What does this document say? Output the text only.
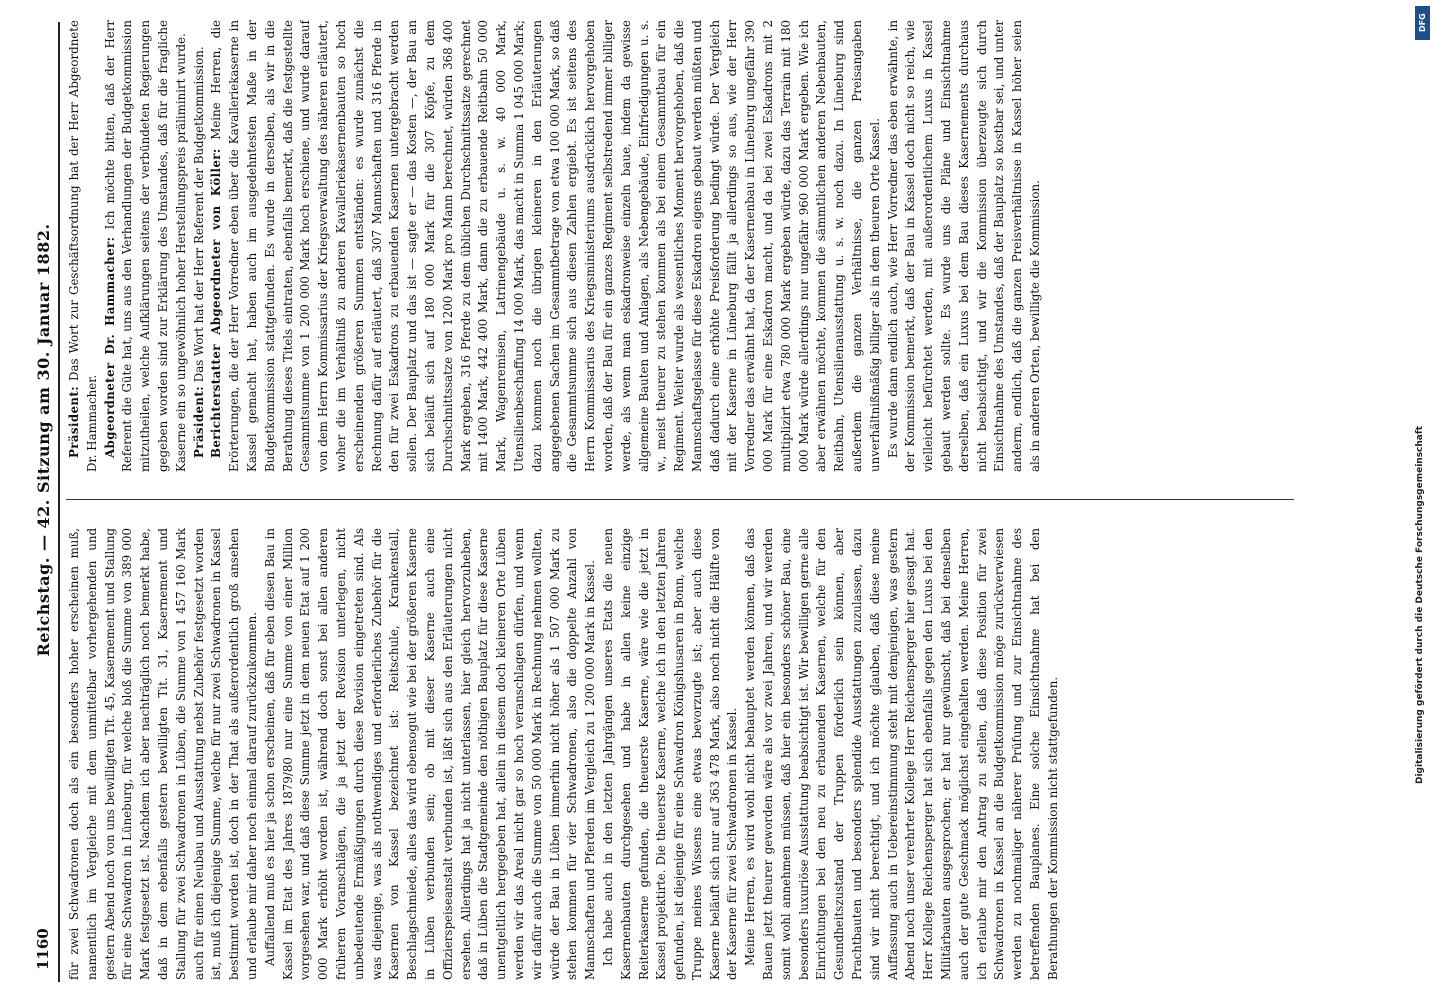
1160
Reichstag. — 42. Sitzung am 30. Januar 1882.

für zwei Schwadronen doch als ein besonders hoher erscheinen muß, namentlich im Vergleiche mit dem unmittelbar vorhergehenden und gestern Abend noch von uns bewilligten Tit. 45, Kasernement und Stallung für eine Schwadron in Lüneburg, für welche bloß die Summe von 389 000 Mark festgesetzt ist. Nachdem ich aber nachträglich noch bemerkt habe, daß in dem ebenfalls gestern bewilligten Tit. 31, Kasernement und Stallung für zwei Schwadronen in Lüben, die Summe von 1 457 160 Mark auch für einen Neubau und Ausstattung nebst Zubehör festgesetzt worden ist, muß ich diejenige Summe, welche für nur zwei Schwadronen in Kassel bestimmt worden ist, doch in der That als außerordentlich groß ansehen und erlaube mir daher noch einmal darauf zurückzukommen. Auffallend muß es hier ja schon erscheinen, daß für eben diesen Bau in Kassel im Etat des Jahres 1879/80 nur eine Summe von einer Million vorgesehen war, und daß diese Summe jetzt in dem neuen Etat auf 1 200 000 Mark erhöht worden ist, während doch sonst bei allen anderen früheren Voranschlägen, die ja jetzt der Revision unterlegen, nicht unbedeutende Ermäßigungen durch diese Revision eingetreten sind. Als was diejenige, was als nothwendiges und erforderliches Zubehör für die Kasernen von Kassel bezeichnet ist: Reitschule, Krankenstall, Beschlagschmiede, alles das wird ebensogut wie bei der größeren Kaserne in Lüben verbunden sein; ob mit dieser Kaserne auch eine Offizierspeiseanstalt verbunden ist, läßt sich aus den Erläuterungen nicht ersehen. Allerdings hat ja nicht unterlassen, hier gleich hervorzuheben, daß in Lüben die Stadtgemeinde den nöthigen Bauplatz für diese Kaserne unentgeltlich hergegeben hat, allein in diesem doch kleineren Orte Lüben werden wir das Areal nicht gar so hoch veranschlagen dürfen, und wenn wir dafür auch die Summe von 50 000 Mark in Rechnung nehmen wollten, würde der Bau in Lüben immerhin nicht höher als 1 507 000 Mark zu stehen kommen für vier Schwadronen, also die doppelte Anzahl von Mannschaften und Pferden im Vergleich zu 1 200 000 Mark in Kassel. Ich habe auch in den letzten Jahrgängen unseres Etats die neuen Kasernenbauten durchgesehen und habe in allen keine einzige Reiterkaserne gefunden, die theuerste Kaserne, wäre wie die jetzt in Kassel projektirte. Die theuerste Kaserne, welche ich in den letzten Jahren gefunden, ist diejenige für eine Schwadron Königshusaren in Bonn, welche Truppe meines Wissens eine etwas bevorzugte ist; aber auch diese Kaserne beläuft sich nur auf 363 478 Mark, also noch nicht die Hälfte von der Kaserne für zwei Schwadronen in Kassel. Meine Herren, es wird wohl nicht behauptet werden können, daß das Bauen jetzt theurer geworden wäre als vor zwei Jahren, und wir werden somit wohl annehmen müssen, daß hier ein besonders schöner Bau, eine besonders luxuriöse Ausstattung beabsichtigt ist. Wir bewilligen gerne alle Einrichtungen bei den neu zu erbauenden Kasernen, welche für den Gesundheitszustand der Truppen förderlich sein können, aber Prachtbauten und besonders splendide Ausstattungen zuzulassen, dazu sind wir nicht berechtigt, und ich möchte glauben, daß diese meine Auffassung auch in Uebereinstimmung steht mit demjenigen, was gestern Abend noch unser verehrter Kollege Herr Reichensperger hier gesagt hat. Herr Kollege Reichensperger hat sich ebenfalls gegen den Luxus bei den Militärbauten ausgesprochen; er hat nur gewünscht, daß bei denselben auch der gute Geschmack möglichst eingehalten werden. Meine Herren, ich erlaube mir den Antrag zu stellen, daß diese Position für zwei Schwadronen in Kassel an die Budgetkommission möge zurückverwiesen werden zu nochmaliger näherer Prüfung und zur Einsichtnahme des betreffenden Bauplanes. Eine solche Einsichtnahme hat bei den Berathungen der Kommission nicht stattgefunden.

Präsident: Das Wort zur Geschäftsordnung hat der Herr Abgeordnete Dr. Hammacher. Abgeordneter Dr. Hammacher: Ich möchte bitten, daß der Herr Referent die Güte hat, uns aus den Verhandlungen der Budgetkommission mitzutheilen, welche Aufklärungen seitens der verbündeten Regierungen gegeben worden sind zur Erklärung des Umstandes, daß für die fragliche Kaserne ein so ungewöhnlich hoher Herstellungspreis präliminirt wurde. Präsident: Das Wort hat der Herr Referent der Budgetkommission. Berichterstatter Abgeordneter von Köller: Meine Herren, die Erörterungen, die der Herr Vorredner eben über die Kavalleriekaserne in Kassel gemacht hat, haben auch im ausgedehntesten Maße in der Budgetkommission stattgefunden. Es wurde in derselben, als wir in die Berathung dieses Titels eintraten, ebenfalls bemerkt, daß die festgestellte Gesammtsumme von 1 200 000 Mark hoch erschiene, und wurde darauf von dem Herrn Kommissarius der Kriegsverwaltung des näheren erläutert, woher die im Verhältniß zu anderen Kavalleriekasernenbauten so hoch erscheinenden größeren Summen entständen: es wurde zunächst die Rechnung dafür auf erläutert, daß 307 Mannschaften und 316 Pferde in den für zwei Eskadrons zu erbauenden Kasernen untergebracht werden sollen. Der Bauplatz und das ist — sagte er — das Kosten —, der Bau an sich beläuft sich auf 180 000 Mark für die 307 Köpfe, zu dem Durchschnittssatze von 1200 Mark pro Mann berechnet, würden 368 400 Mark ergeben, 316 Pferde zu dem üblichen Durchschnittssatze gerechnet mit 1400 Mark, 442 400 Mark, dann die zu erbauende Reitbahn 50 000 Mark, Wagenremisen, Latrinengebäude u. s. w. 40 000 Mark, Utensilienbeschaffung 14 000 Mark, das macht in Summa 1 045 000 Mark; dazu kommen noch die übrigen kleineren in den Erläuterungen angegebenen Sachen im Gesammtbetrage von etwa 100 000 Mark, so daß die Gesammtsumme sich aus diesen Zahlen ergiebt. Es ist seitens des Herrn Kommissarius des Kriegsministeriums ausdrücklich hervorgehoben worden, daß der Bau für ein ganzes Regiment selbstredend immer billiger werde, als wenn man eskadronweise einzeln baue, indem da gewisse allgemeine Bauten und Anlagen, als Nebengebäude, Einfriedigungen u. s. w., meist theurer zu stehen kommen als bei einem Gesammtbau für ein Regiment. Weiter wurde als wesentliches Moment hervorgehoben, daß die Mannschaftsgelasse für diese Eskadron eigens gebaut werden müßten und daß dadurch eine erhöhte Preisforderung bedingt würde. Der Vergleich mit der Kaserne in Lüneburg fällt ja allerdings so aus, wie der Herr Vorredner das erwähnt hat, da der Kasernenbau in Lüneburg ungefähr 390 000 Mark für eine Eskadron macht, und da bei zwei Eskadrons mit 2 multiplizirt etwa 780 000 Mark ergeben würde, dazu das Terrain mit 180 000 Mark würde allerdings nur ungefähr 960 000 Mark ergeben. Wie ich aber erwähnen möchte, kommen die sämmtlichen anderen Nebenbauten, Reitbahn, Utensilienausstattung u. s. w. noch dazu. In Lüneburg sind außerdem die ganzen Verhältnisse, die ganzen Preisangaben unverhältnißmäßig billiger als in dem theuren Orte Kassel. Es wurde dann endlich auch, wie Herr Vorredner das eben erwähnte, in der Kommission bemerkt, daß der Bau in Kassel doch nicht so reich, wie vielleicht befürchtet werden, mit außerordentlichem Luxus in Kassel gebaut werden sollte. Es wurde uns die Pläne und Einsichtnahme derselben, daß ein Luxus bei dem Bau dieses Kasernements durchaus nicht beabsichtigt, und wir die Kommission überzeugte sich durch Einsichtnahme des Umstandes, daß der Bauplatz so kostbar sei, und unter anderm, endlich, daß die ganzen Preisverhältnisse in Kassel höher seien als in anderen Orten, bewilligte die Kommission.

DFG
Digitalisierung gefördert durch die Deutsche Forschungsgemeinschaft
